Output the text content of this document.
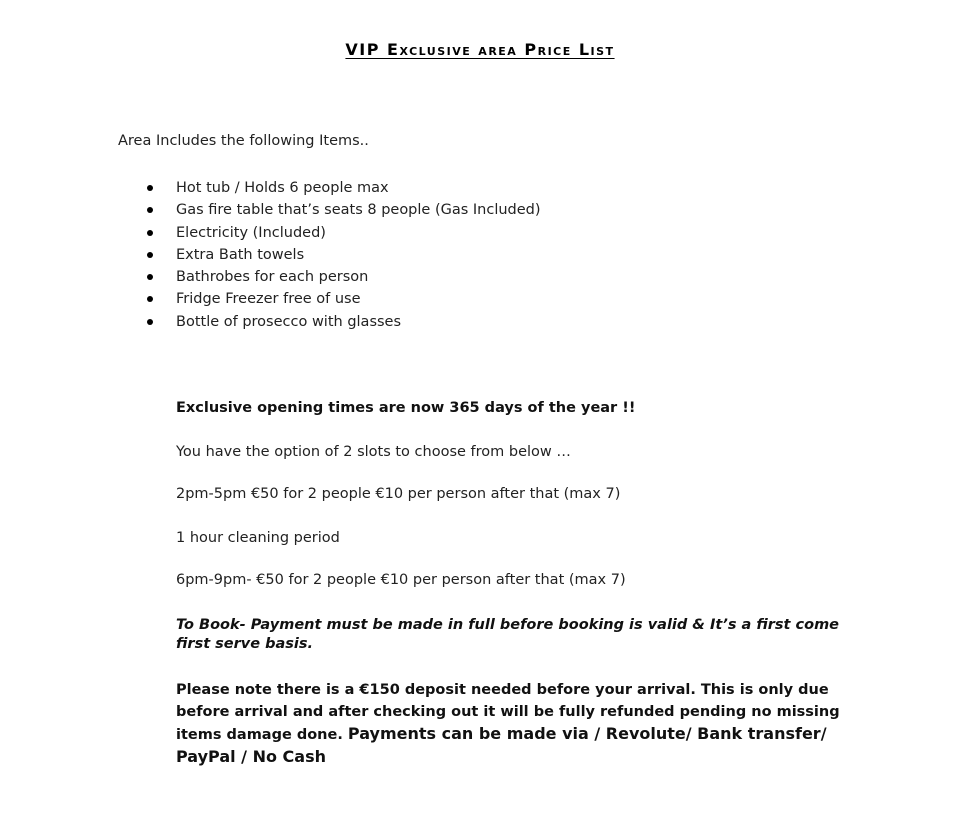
VIP Exclusive area Price List
Area Includes the following Items..
Hot tub / Holds 6 people max
Gas fire table that’s seats 8 people (Gas Included)
Electricity (Included)
Extra Bath towels
Bathrobes for each person
Fridge Freezer free of use
Bottle of prosecco with glasses

Exclusive opening times are now 365 days of the year !!

You have the option of 2 slots to choose from below …

2pm-5pm €50 for 2 people €10 per person after that (max 7)

1 hour cleaning period

6pm-9pm- €50 for 2 people €10 per person after that (max 7)

To Book- Payment must be made in full before booking is valid & It’s a first come first serve basis.

Please note there is a €150 deposit needed before your arrival. This is only due before arrival and after checking out it will be fully refunded pending no missing items damage done. Payments can be made via / Revolute/ Bank transfer/ PayPal / No Cash
